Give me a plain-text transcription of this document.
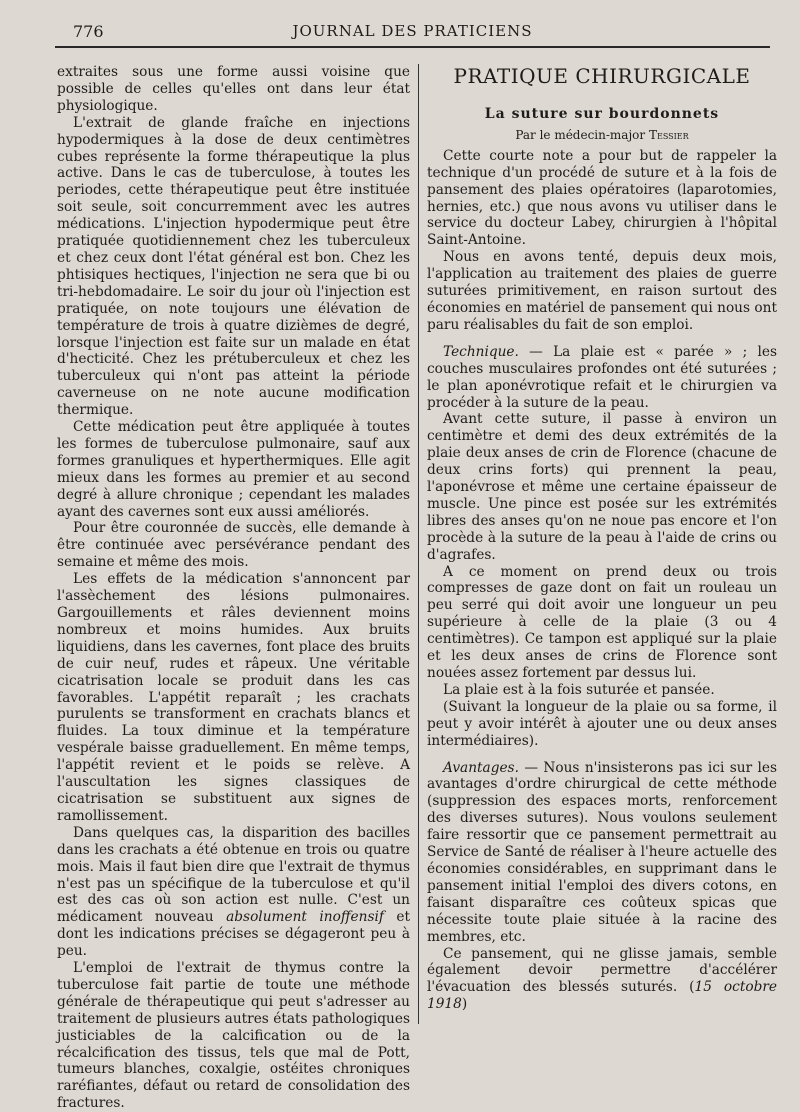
776	JOURNAL DES PRATICIENS

extraites sous une forme aussi voisine que possible de celles qu'elles ont dans leur état physiologique.

L'extrait de glande fraîche en injections hypodermiques à la dose de deux centimètres cubes représente la forme thérapeutique la plus active. Dans le cas de tuberculose, à toutes les periodes, cette thérapeutique peut être instituée soit seule, soit concurremment avec les autres médications. L'injection hypodermique peut être pratiquée quotidiennement chez les tuberculeux et chez ceux dont l'état général est bon. Chez les phtisiques hectiques, l'injection ne sera que bi ou tri-hebdomadaire. Le soir du jour où l'injection est pratiquée, on note toujours une élévation de température de trois à quatre dizièmes de degré, lorsque l'injection est faite sur un malade en état d'hecticité. Chez les prétuberculeux et chez les tuberculeux qui n'ont pas atteint la période caverneuse on ne note aucune modification thermique.

Cette médication peut être appliquée à toutes les formes de tuberculose pulmonaire, sauf aux formes granuliques et hyperthermiques. Elle agit mieux dans les formes au premier et au second degré à allure chronique ; cependant les malades ayant des cavernes sont eux aussi améliorés.

Pour être couronnée de succès, elle demande à être continuée avec persévérance pendant des semaine et même des mois.

Les effets de la médication s'annoncent par l'assèchement des lésions pulmonaires. Gargouillements et râles deviennent moins nombreux et moins humides. Aux bruits liquidiens, dans les cavernes, font place des bruits de cuir neuf, rudes et râpeux. Une véritable cicatrisation locale se produit dans les cas favorables. L'appétit reparaît ; les crachats purulents se transforment en crachats blancs et fluides. La toux diminue et la température vespérale baisse graduellement. En même temps, l'appétit revient et le poids se relève. A l'auscultation les signes classiques de cicatrisation se substituent aux signes de ramollissement.

Dans quelques cas, la disparition des bacilles dans les crachats a été obtenue en trois ou quatre mois. Mais il faut bien dire que l'extrait de thymus n'est pas un spécifique de la tuberculose et qu'il est des cas où son action est nulle. C'est un médicament nouveau absolument inoffensif et dont les indications précises se dégageront peu à peu.

L'emploi de l'extrait de thymus contre la tuberculose fait partie de toute une méthode générale de thérapeutique qui peut s'adresser au traitement de plusieurs autres états pathologiques justiciables de la calcification ou de la récalcification des tissus, tels que mal de Pott, tumeurs blanches, coxalgie, ostéites chroniques raréfiantes, défaut ou retard de consolidation des fractures.

PRATIQUE CHIRURGICALE
La suture sur bourdonnets
Par le médecin-major Tessier

Cette courte note a pour but de rappeler la technique d'un procédé de suture et à la fois de pansement des plaies opératoires (laparotomies, hernies, etc.) que nous avons vu utiliser dans le service du docteur Labey, chirurgien à l'hôpital Saint-Antoine.

Nous en avons tenté, depuis deux mois, l'application au traitement des plaies de guerre suturées primitivement, en raison surtout des économies en matériel de pansement qui nous ont paru réalisables du fait de son emploi.

Technique. — La plaie est « parée » ; les couches musculaires profondes ont été suturées ; le plan aponévrotique refait et le chirurgien va procéder à la suture de la peau.

Avant cette suture, il passe à environ un centimètre et demi des deux extrémités de la plaie deux anses de crin de Florence (chacune de deux crins forts) qui prennent la peau, l'aponévrose et même une certaine épaisseur de muscle. Une pince est posée sur les extrémités libres des anses qu'on ne noue pas encore et l'on procède à la suture de la peau à l'aide de crins ou d'agrafes.

A ce moment on prend deux ou trois compresses de gaze dont on fait un rouleau un peu serré qui doit avoir une longueur un peu supérieure à celle de la plaie (3 ou 4 centimètres). Ce tampon est appliqué sur la plaie et les deux anses de crins de Florence sont nouées assez fortement par dessus lui.

La plaie est à la fois suturée et pansée.

(Suivant la longueur de la plaie ou sa forme, il peut y avoir intérêt à ajouter une ou deux anses intermédiaires).

Avantages. — Nous n'insisterons pas ici sur les avantages d'ordre chirurgical de cette méthode (suppression des espaces morts, renforcement des diverses sutures). Nous voulons seulement faire ressortir que ce pansement permettrait au Service de Santé de réaliser à l'heure actuelle des économies considérables, en supprimant dans le pansement initial l'emploi des divers cotons, en faisant disparaître ces coûteux spicas que nécessite toute plaie située à la racine des membres, etc.

Ce pansement, qui ne glisse jamais, semble également devoir permettre d'accélérer l'évacuation des blessés suturés. (15 octobre 1918)
